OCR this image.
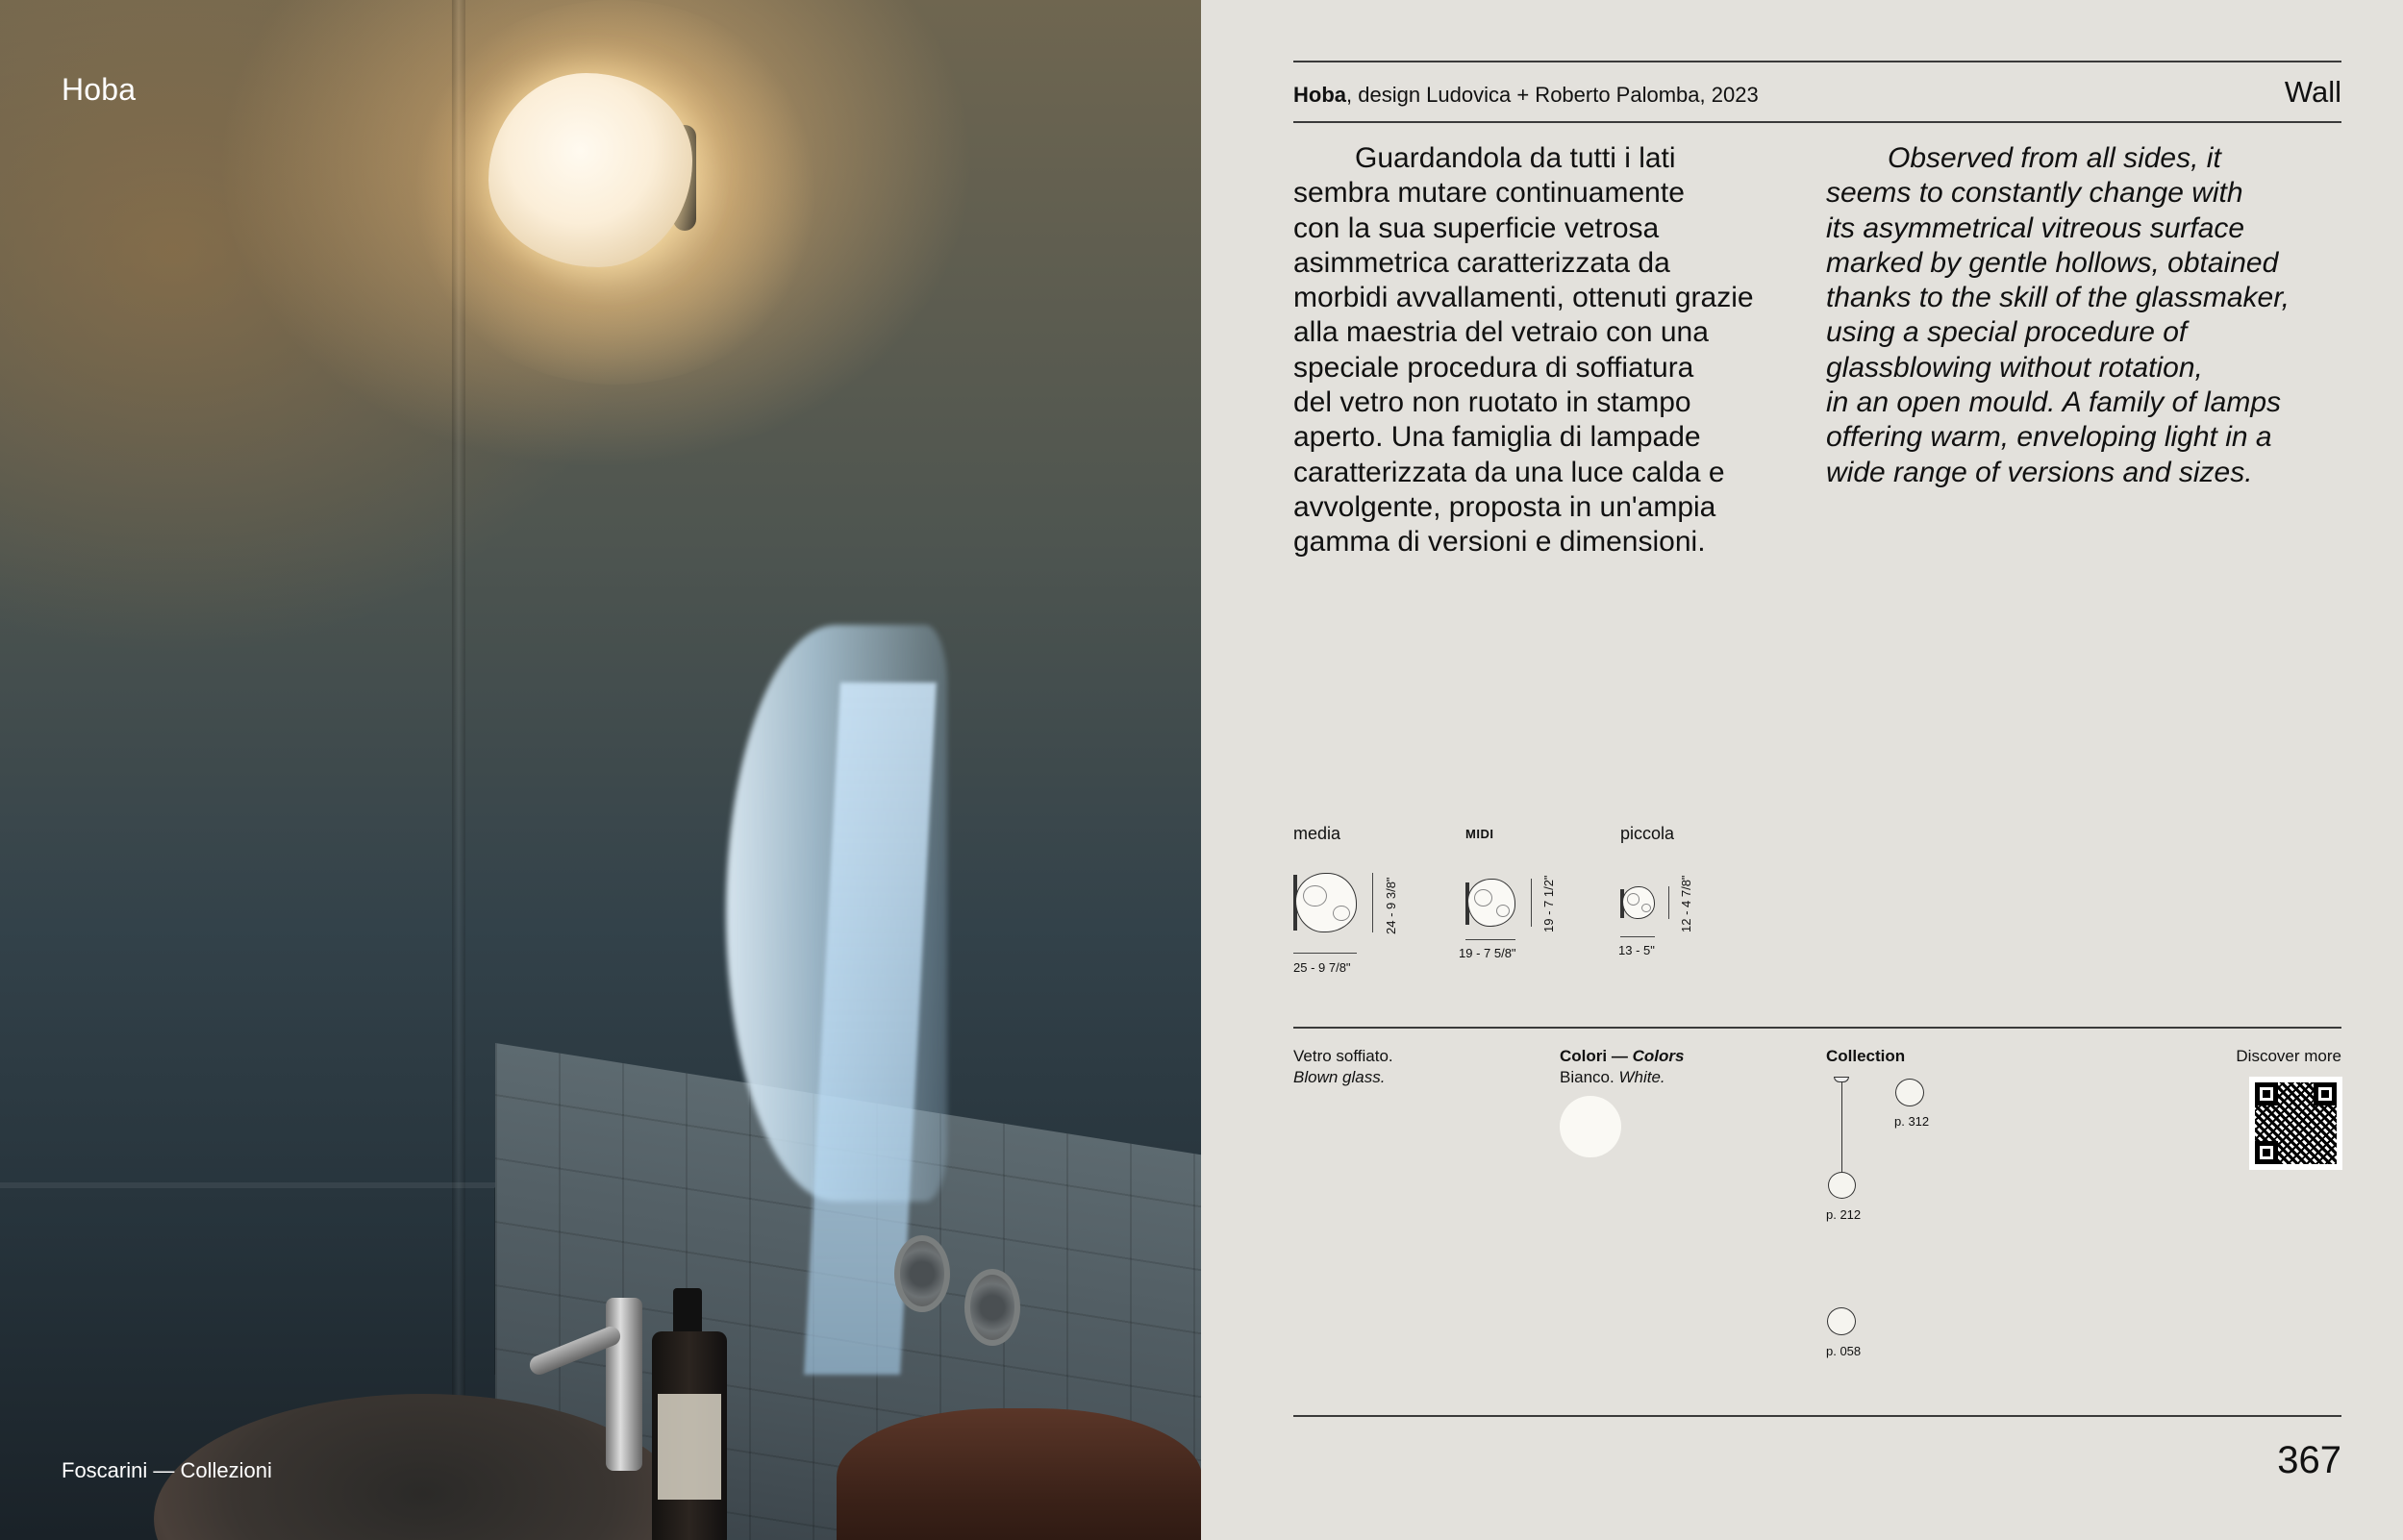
Hoba
Foscarini — Collezioni
Hoba, design Ludovica + Roberto Palomba, 2023	Wall
Guardandola da tutti i lati
sembra mutare continuamente
con la sua superficie vetrosa
asimmetrica caratterizzata da
morbidi avvallamenti, ottenuti grazie
alla maestria del vetraio con una
speciale procedura di soffiatura
del vetro non ruotato in stampo
aperto. Una famiglia di lampade
caratterizzata da una luce calda e
avvolgente, proposta in un'ampia
gamma di versioni e dimensioni.
Observed from all sides, it
seems to constantly change with
its asymmetrical vitreous surface
marked by gentle hollows, obtained
thanks to the skill of the glassmaker,
using a special procedure of
glassblowing without rotation,
in an open mould. A family of lamps
offering warm, enveloping light in a
wide range of versions and sizes.
media
24 - 9 3/8"
25 - 9 7/8"
MIDI
19 - 7 1/2"
19 - 7 5/8"
piccola
12 - 4 7/8"
13 - 5"
Vetro soffiato.
Blown glass.
Colori — Colors
Bianco. White.
Collection
p. 212
p. 312
p. 058
Discover more
367
